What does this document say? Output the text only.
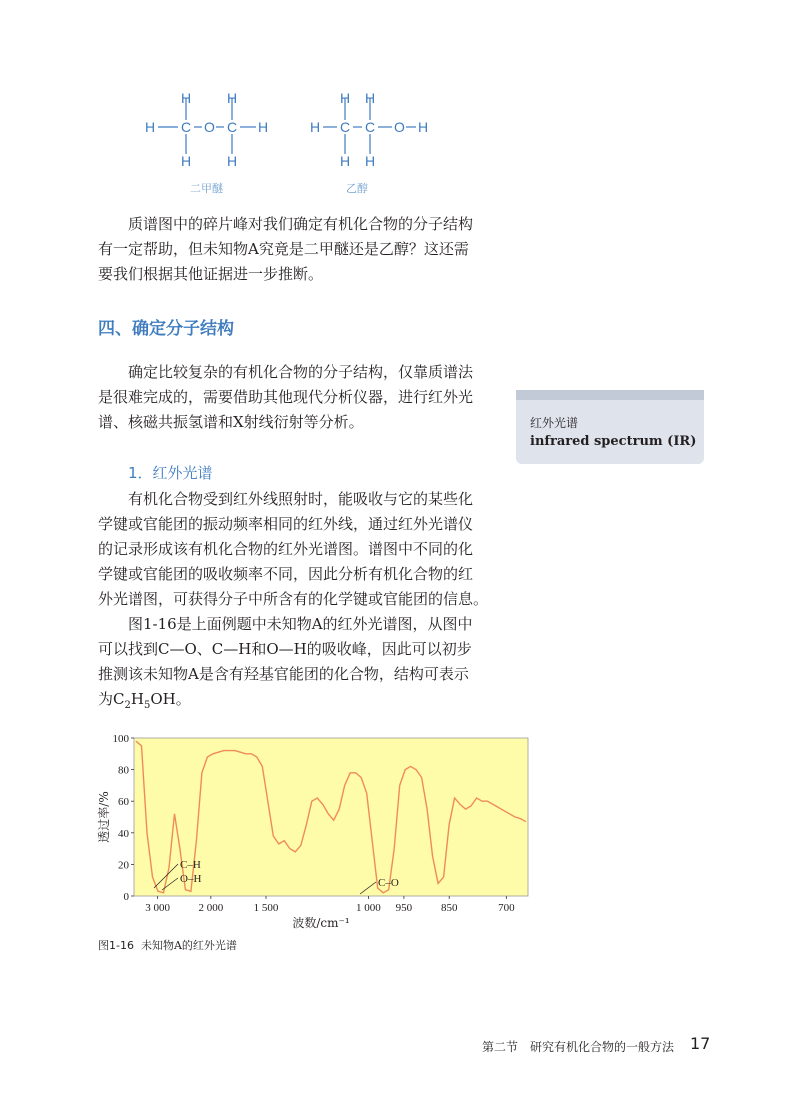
H	H
H C O C H
H	H
H H
H C C O H
H H
二甲醚	乙醇
质谱图中的碎片峰对我们确定有机化合物的分子结构
有一定帮助，但未知物A究竟是二甲醚还是乙醇？这还需
要我们根据其他证据进一步推断。
四、确定分子结构
确定比较复杂的有机化合物的分子结构，仅靠质谱法
是很难完成的，需要借助其他现代分析仪器，进行红外光
谱、核磁共振氢谱和X射线衍射等分析。	红外光谱
infrared spectrum (IR)
1．红外光谱
有机化合物受到红外线照射时，能吸收与它的某些化
学键或官能团的振动频率相同的红外线，通过红外光谱仪
的记录形成该有机化合物的红外光谱图。谱图中不同的化
学键或官能团的吸收频率不同，因此分析有机化合物的红
外光谱图，可获得分子中所含有的化学键或官能团的信息。
图1-16是上面例题中未知物A的红外光谱图，从图中
可以找到C—O、C—H和O—H的吸收峰，因此可以初步
推测该未知物A是含有羟基官能团的化合物，结构可表示
为$C_2H_5OH$。
0
20
40
60
80
100
3 000	2 000	1 500	1 000 950	850	700
C–H
O–H	C–O
波数/cm⁻¹
透过率/%
图1-16 未知物A的红外光谱
第二节　研究有机化合物的一般方法 17
